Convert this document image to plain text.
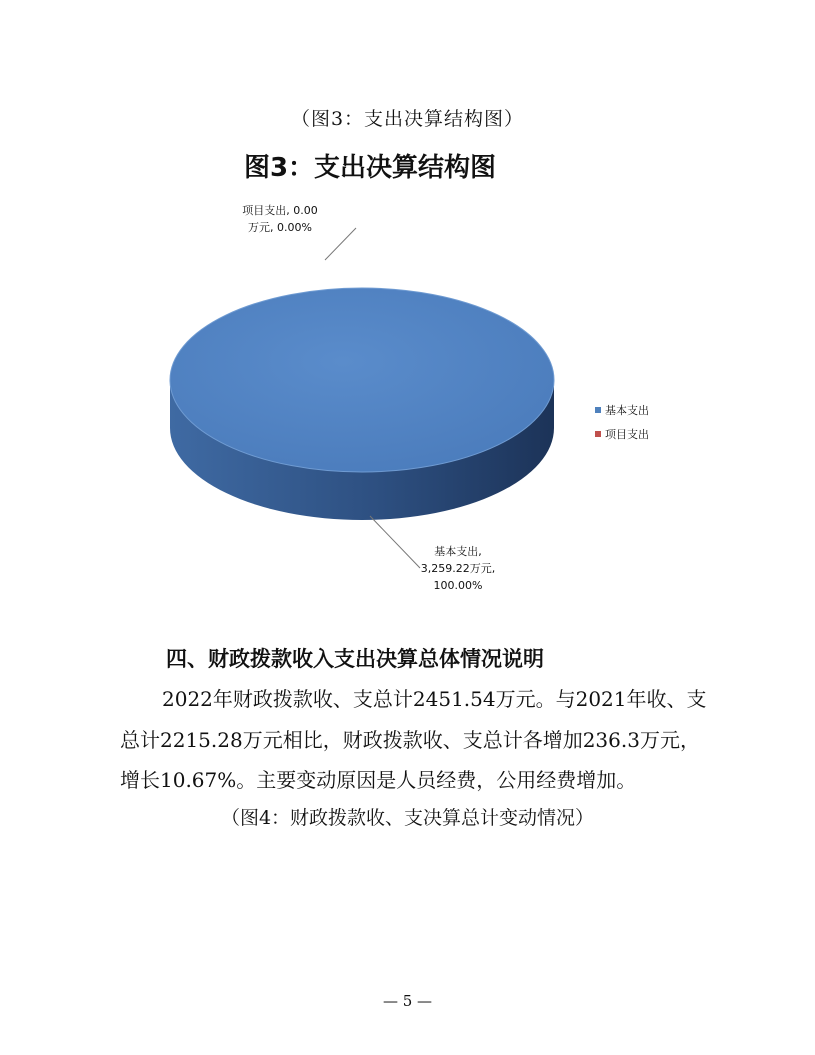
（图3：支出决算结构图）
图3：支出决算结构图
基本支出,
3,259.22万元,
100.00%
项目支出, 0.00
万元, 0.00%
基本支出
项目支出
四、财政拨款收入支出决算总体情况说明
2022年财政拨款收、支总计2451.54万元。与2021年收、支
总计2215.28万元相比，财政拨款收、支总计各增加236.3万元，
增长10.67%。主要变动原因是人员经费，公用经费增加。
（图4：财政拨款收、支决算总计变动情况）
— 5 —
